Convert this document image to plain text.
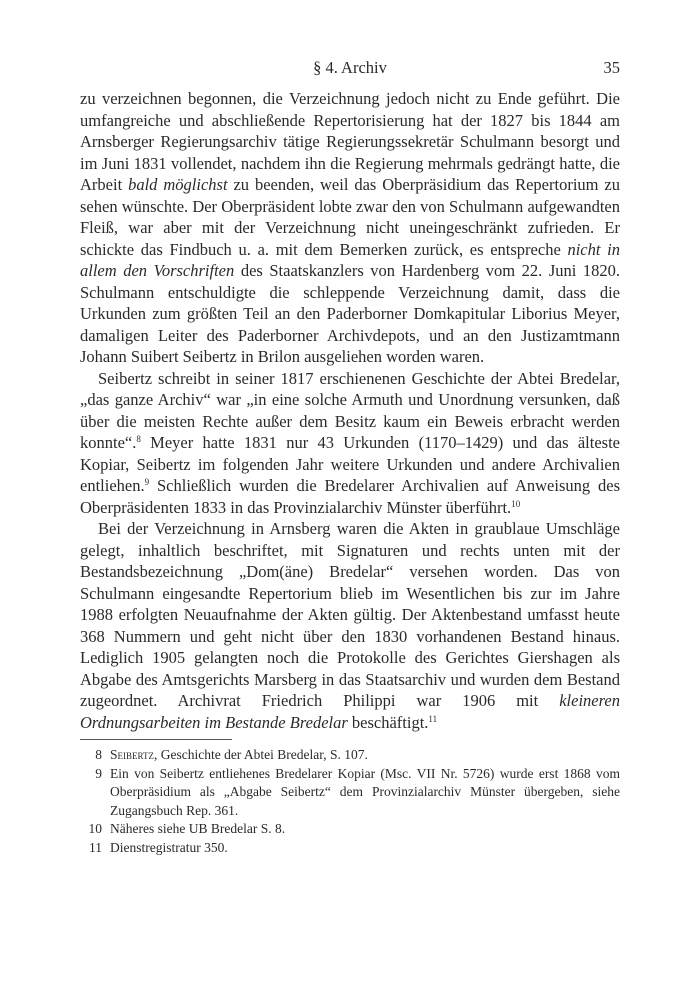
§ 4. Archiv	35

zu verzeichnen begonnen, die Verzeichnung jedoch nicht zu Ende geführt. Die umfangreiche und abschließende Repertorisierung hat der 1827 bis 1844 am Arnsberger Regierungsarchiv tätige Regierungssekretär Schulmann besorgt und im Juni 1831 vollendet, nachdem ihn die Regierung mehrmals gedrängt hatte, die Arbeit bald möglichst zu beenden, weil das Oberpräsidium das Repertorium zu sehen wünschte. Der Oberpräsident lobte zwar den von Schulmann aufgewandten Fleiß, war aber mit der Verzeichnung nicht uneingeschränkt zufrieden. Er schickte das Findbuch u. a. mit dem Bemerken zurück, es entspreche nicht in allem den Vorschriften des Staatskanzlers von Hardenberg vom 22. Juni 1820. Schulmann entschuldigte die schleppende Verzeichnung damit, dass die Urkunden zum größten Teil an den Paderborner Domkapitular Liborius Meyer, damaligen Leiter des Paderborner Archivdepots, und an den Justizamtmann Johann Suibert Seibertz in Brilon ausgeliehen worden waren.

Seibertz schreibt in seiner 1817 erschienenen Geschichte der Abtei Bredelar, „das ganze Archiv“ war „in eine solche Armuth und Unordnung versunken, daß über die meisten Rechte außer dem Besitz kaum ein Beweis erbracht werden konnte“.$^8$ Meyer hatte 1831 nur 43 Urkunden (1170–1429) und das älteste Kopiar, Seibertz im folgenden Jahr weitere Urkunden und andere Archivalien entliehen.$^9$ Schließlich wurden die Bredelarer Archivalien auf Anweisung des Oberpräsidenten 1833 in das Provinzialarchiv Münster überführt.$^{10}$

Bei der Verzeichnung in Arnsberg waren die Akten in graublaue Umschläge gelegt, inhaltlich beschriftet, mit Signaturen und rechts unten mit der Bestandsbezeichnung „Dom(äne) Bredelar“ versehen worden. Das von Schulmann eingesandte Repertorium blieb im Wesentlichen bis zur im Jahre 1988 erfolgten Neuaufnahme der Akten gültig. Der Aktenbestand umfasst heute 368 Nummern und geht nicht über den 1830 vorhandenen Bestand hinaus. Lediglich 1905 gelangten noch die Protokolle des Gerichtes Giershagen als Abgabe des Amtsgerichts Marsberg in das Staatsarchiv und wurden dem Bestand zugeordnet. Archivrat Friedrich Philippi war 1906 mit kleineren Ordnungsarbeiten im Bestande Bredelar beschäftigt.$^{11}$

8 Seibertz, Geschichte der Abtei Bredelar, S. 107.
9 Ein von Seibertz entliehenes Bredelarer Kopiar (Msc. VII Nr. 5726) wurde erst 1868 vom Oberpräsidium als „Abgabe Seibertz“ dem Provinzialarchiv Münster übergeben, siehe Zugangsbuch Rep. 361.
10 Näheres siehe UB Bredelar S. 8.
11 Dienstregistratur 350.
